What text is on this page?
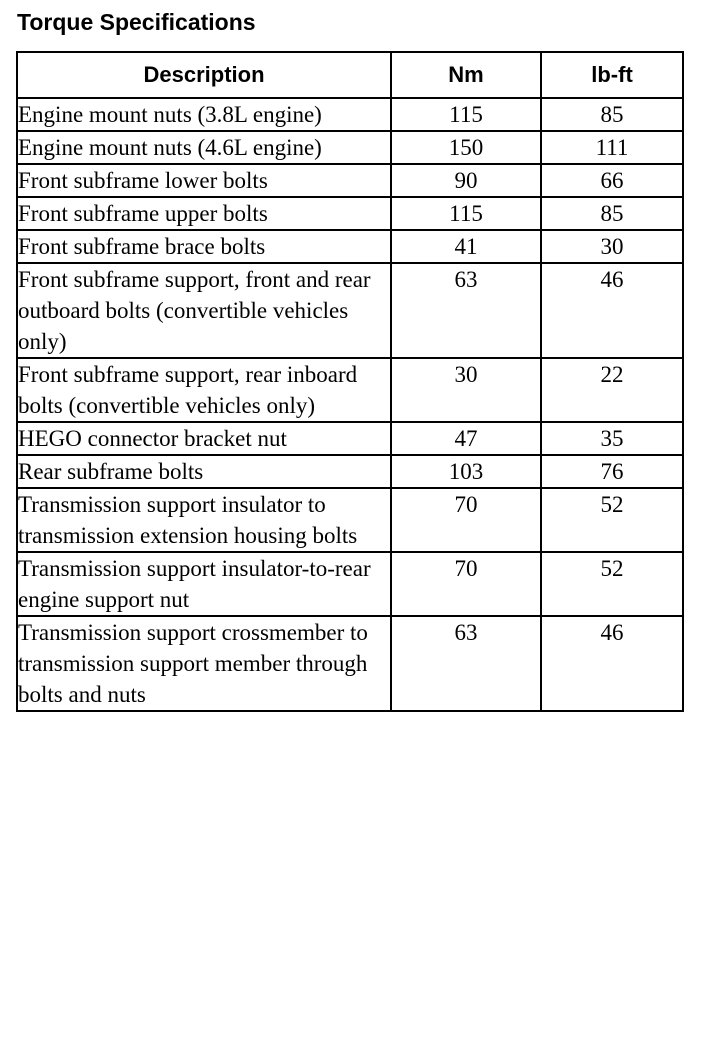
Torque Specifications
Description	Nm	lb-ft
Engine mount nuts (3.8L engine)	115	85
Engine mount nuts (4.6L engine)	150	111
Front subframe lower bolts	90	66
Front subframe upper bolts	115	85
Front subframe brace bolts	41	30
Front subframe support, front and rear outboard bolts (convertible vehicles only)	63	46
Front subframe support, rear inboard bolts (convertible vehicles only)	30	22
HEGO connector bracket nut	47	35
Rear subframe bolts	103	76
Transmission support insulator to transmission extension housing bolts	70	52
Transmission support insulator-to-rear engine support nut	70	52
Transmission support crossmember to transmission support member through bolts and nuts	63	46
